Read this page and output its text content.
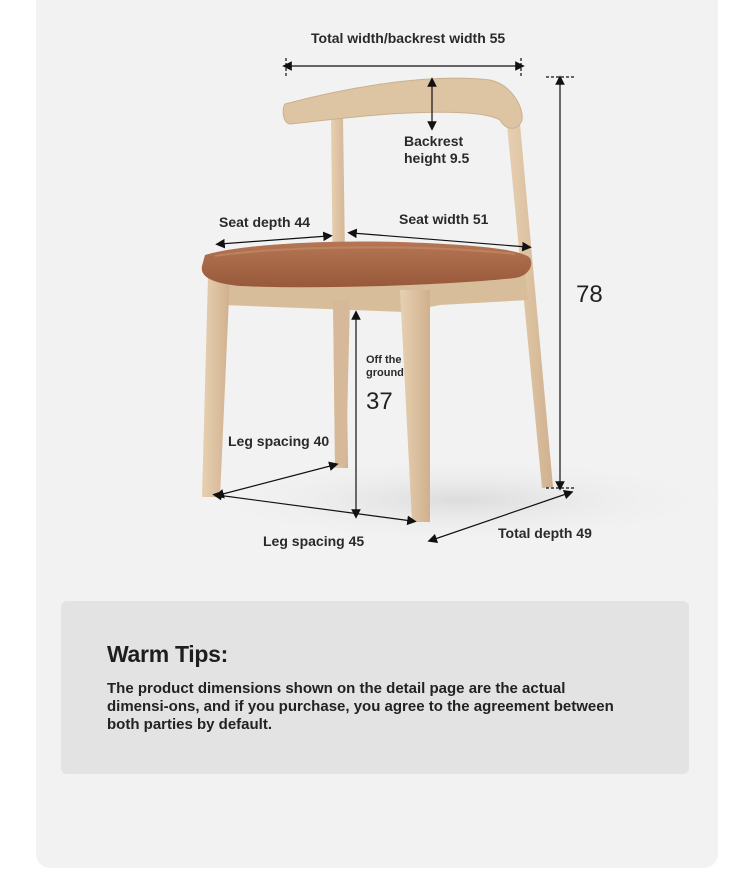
Total width/backrest width 55
Backrest
height 9.5
Seat depth 44	Seat width 51
78
Off the
ground
37
Leg spacing 40
Leg spacing 45	Total depth 49
Warm Tips:
The product dimensions shown on the detail page are the actual dimensi-ons, and if you purchase, you agree to the agreement between both parties by default.
